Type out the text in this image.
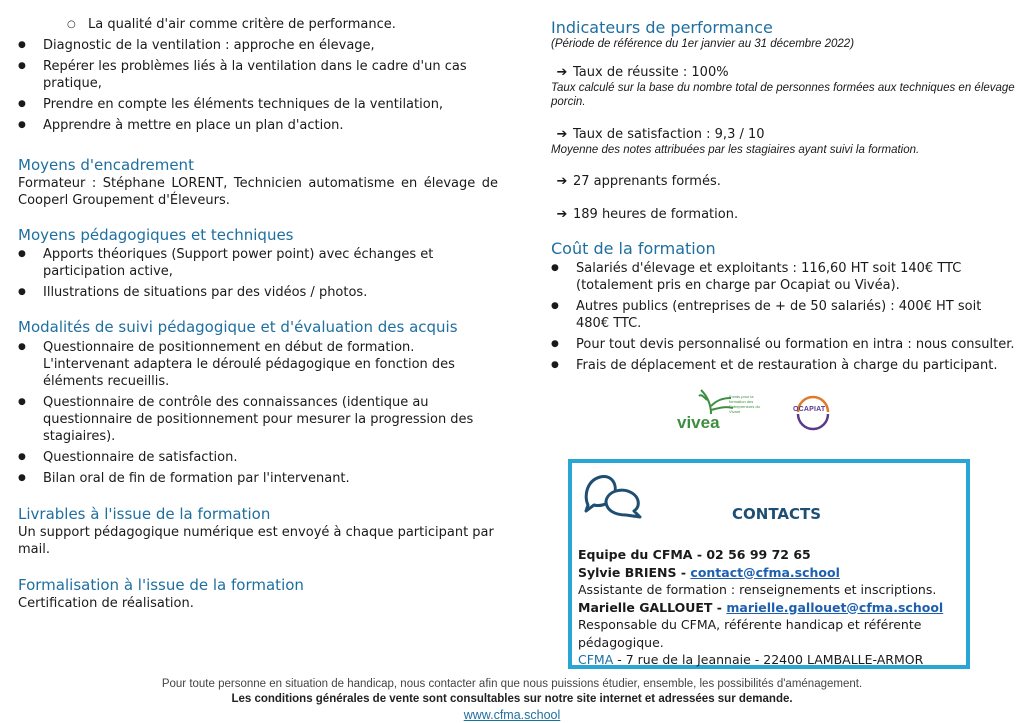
○ La qualité d'air comme critère de performance.
● Diagnostic de la ventilation : approche en élevage,
● Repérer les problèmes liés à la ventilation dans le cadre d'un cas pratique,
● Prendre en compte les éléments techniques de la ventilation,
● Apprendre à mettre en place un plan d'action.
Moyens d'encadrement

Formateur : Stéphane LORENT, Technicien automatisme en élevage de Cooperl Groupement d'Éleveurs.

Moyens pédagogiques et techniques
● Apports théoriques (Support power point) avec échanges et participation active,
● Illustrations de situations par des vidéos / photos.
Modalités de suivi pédagogique et d'évaluation des acquis
● Questionnaire de positionnement en début de formation. L'intervenant adaptera le déroulé pédagogique en fonction des éléments recueillis.
● Questionnaire de contrôle des connaissances (identique au questionnaire de positionnement pour mesurer la progression des stagiaires).
● Questionnaire de satisfaction.
● Bilan oral de fin de formation par l'intervenant.
Livrables à l'issue de la formation

Un support pédagogique numérique est envoyé à chaque participant par mail.

Formalisation à l'issue de la formation

Certification de réalisation.

Indicateurs de performance

(Période de référence du 1er janvier au 31 décembre 2022)

➔ Taux de réussite : 100%

Taux calculé sur la base du nombre total de personnes formées aux techniques en élevage porcin.

➔ Taux de satisfaction : 9,3 / 10

Moyenne des notes attribuées par les stagiaires ayant suivi la formation.

➔ 27 apprenants formés.

➔ 189 heures de formation.

Coût de la formation
● Salariés d'élevage et exploitants : 116,60 HT soit 140€ TTC (totalement pris en charge par Ocapiat ou Vivéa).
● Autres publics (entreprises de + de 50 salariés) : 400€ HT soit 480€ TTC.
● Pour tout devis personnalisé ou formation en intra : nous consulter.
● Frais de déplacement et de restauration à charge du participant.
vivea
Fonds pour la formation des Entrepreneurs du Vivant	OCAPIAT
CONTACTS
Equipe du CFMA - 02 56 99 72 65
Sylvie BRIENS - contact@cfma.school
Assistante de formation : renseignements et inscriptions.
Marielle GALLOUET - marielle.gallouet@cfma.school
Responsable du CFMA, référente handicap et référente pédagogique.
CFMA - 7 rue de la Jeannaie - 22400 LAMBALLE-ARMOR
Pour toute personne en situation de handicap, nous contacter afin que nous puissions étudier, ensemble, les possibilités d'aménagement.
Les conditions générales de vente sont consultables sur notre site internet et adressées sur demande.
www.cfma.school
